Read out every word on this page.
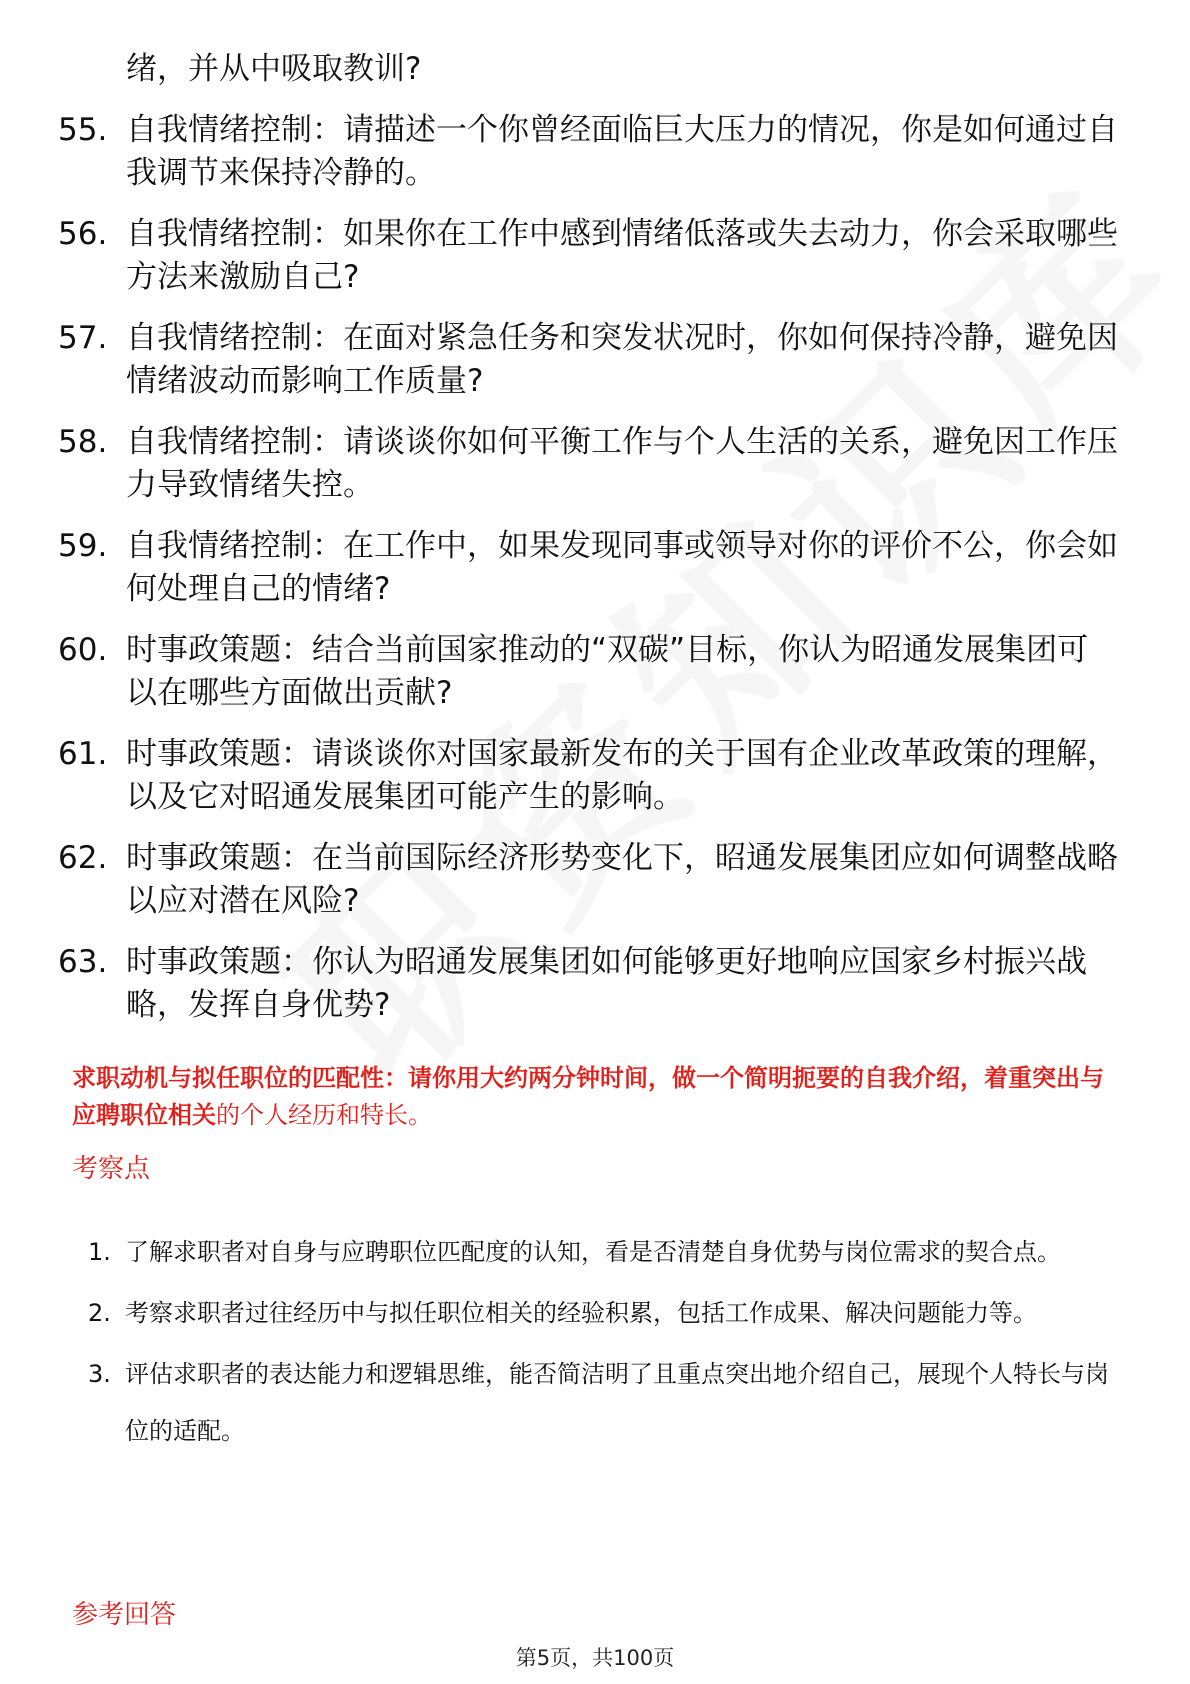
绪，并从中吸取教训?
55. 自我情绪控制：请描述一个你曾经面临巨大压力的情况，你是如何通过自我调节来保持冷静的。
56. 自我情绪控制：如果你在工作中感到情绪低落或失去动力，你会采取哪些方法来激励自己?
57. 自我情绪控制：在面对紧急任务和突发状况时，你如何保持冷静，避免因情绪波动而影响工作质量?
58. 自我情绪控制：请谈谈你如何平衡工作与个人生活的关系，避免因工作压力导致情绪失控。
59. 自我情绪控制：在工作中，如果发现同事或领导对你的评价不公，你会如何处理自己的情绪?
60. 时事政策题：结合当前国家推动的“双碳”目标，你认为昭通发展集团可以在哪些方面做出贡献?
61. 时事政策题：请谈谈你对国家最新发布的关于国有企业改革政策的理解，以及它对昭通发展集团可能产生的影响。
62. 时事政策题：在当前国际经济形势变化下，昭通发展集团应如何调整战略以应对潜在风险?
63. 时事政策题：你认为昭通发展集团如何能够更好地响应国家乡村振兴战略，发挥自身优势?
求职动机与拟任职位的匹配性：请你用大约两分钟时间，做一个简明扼要的自我介绍，着重突出与应聘职位相关的个人经历和特长。
考察点
1. 了解求职者对自身与应聘职位匹配度的认知，看是否清楚自身优势与岗位需求的契合点。
2. 考察求职者过往经历中与拟任职位相关的经验积累，包括工作成果、解决问题能力等。
3. 评估求职者的表达能力和逻辑思维，能否简洁明了且重点突出地介绍自己，展现个人特长与岗位的适配。
参考回答
第5页，共100页
